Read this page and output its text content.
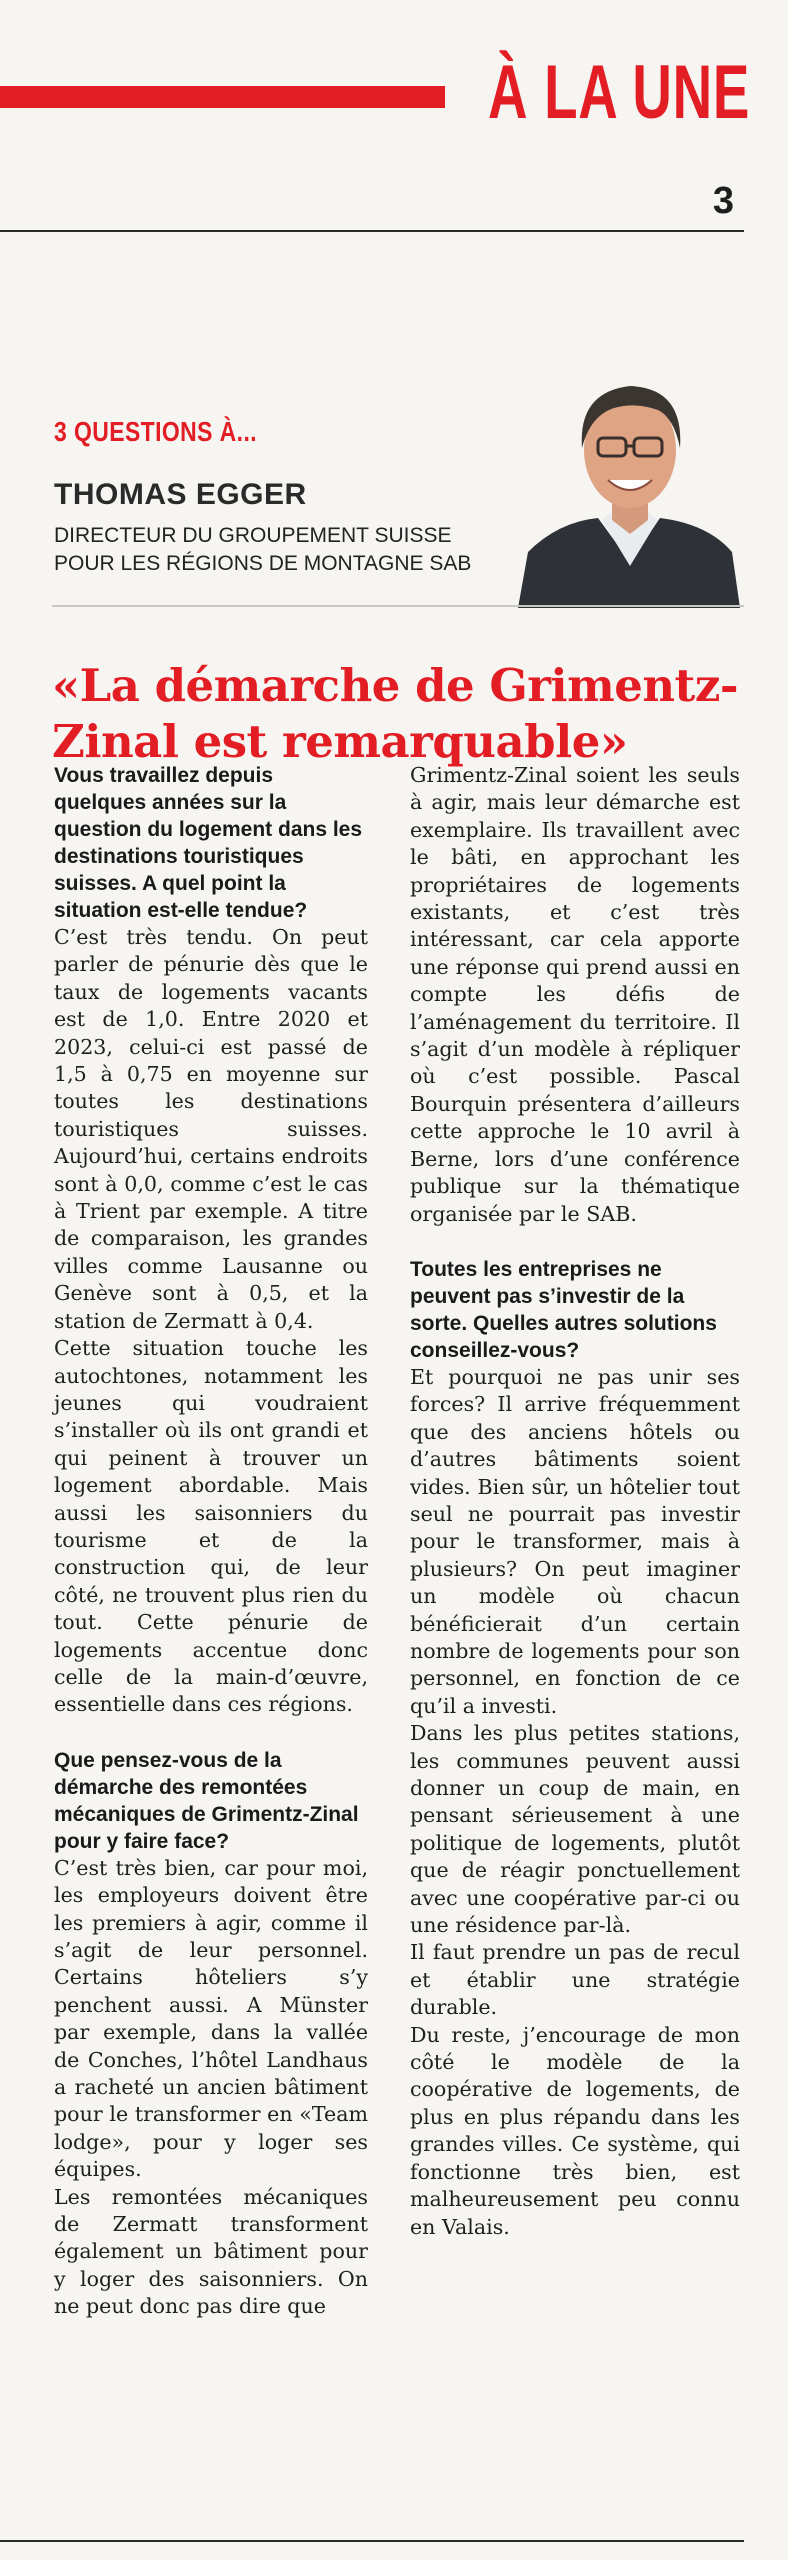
À LA UNE
3
3 QUESTIONS À...
THOMAS EGGER
DIRECTEUR DU GROUPEMENT SUISSE
POUR LES RÉGIONS DE MONTAGNE SAB
«La démarche de Grimentz-Zinal est remarquable»

Vous travaillez depuis quelques années sur la question du logement dans les destinations touristiques suisses. A quel point la situation est-elle tendue?

C’est très tendu. On peut parler de pénurie dès que le taux de logements vacants est de 1,0. Entre 2020 et 2023, celui-ci est passé de 1,5 à 0,75 en moyenne sur toutes les destinations touristiques suisses. Aujourd’hui, certains endroits sont à 0,0, comme c’est le cas à Trient par exemple. A titre de comparaison, les grandes villes comme Lausanne ou Genève sont à 0,5, et la station de Zermatt à 0,4.

Cette situation touche les autochtones, notamment les jeunes qui voudraient s’installer où ils ont grandi et qui peinent à trouver un logement abordable. Mais aussi les saisonniers du tourisme et de la construction qui, de leur côté, ne trouvent plus rien du tout. Cette pénurie de logements accentue donc celle de la main-d’œuvre, essentielle dans ces régions.

Que pensez-vous de la démarche des remontées mécaniques de Grimentz-Zinal pour y faire face?

C’est très bien, car pour moi, les employeurs doivent être les premiers à agir, comme il s’agit de leur personnel. Certains hôteliers s’y penchent aussi. A Münster par exemple, dans la vallée de Conches, l’hôtel Landhaus a racheté un ancien bâtiment pour le transformer en «Team lodge», pour y loger ses équipes.

Les remontées mécaniques de Zermatt transforment également un bâtiment pour y loger des saisonniers. On ne peut donc pas dire que

Grimentz-Zinal soient les seuls à agir, mais leur démarche est exemplaire. Ils travaillent avec le bâti, en approchant les propriétaires de logements existants, et c’est très intéressant, car cela apporte une réponse qui prend aussi en compte les défis de l’aménagement du territoire. Il s’agit d’un modèle à répliquer où c’est possible. Pascal Bourquin présentera d’ailleurs cette approche le 10 avril à Berne, lors d’une conférence publique sur la thématique organisée par le SAB.

Toutes les entreprises ne peuvent pas s’investir de la sorte. Quelles autres solutions conseillez-vous?

Et pourquoi ne pas unir ses forces? Il arrive fréquemment que des anciens hôtels ou d’autres bâtiments soient vides. Bien sûr, un hôtelier tout seul ne pourrait pas investir pour le transformer, mais à plusieurs? On peut imaginer un modèle où chacun bénéficierait d’un certain nombre de logements pour son personnel, en fonction de ce qu’il a investi.

Dans les plus petites stations, les communes peuvent aussi donner un coup de main, en pensant sérieusement à une politique de logements, plutôt que de réagir ponctuellement avec une coopérative par-ci ou une résidence par-là.

Il faut prendre un pas de recul et établir une stratégie durable.

Du reste, j’encourage de mon côté le modèle de la coopérative de logements, de plus en plus répandu dans les grandes villes. Ce système, qui fonctionne très bien, est malheureusement peu connu en Valais.
